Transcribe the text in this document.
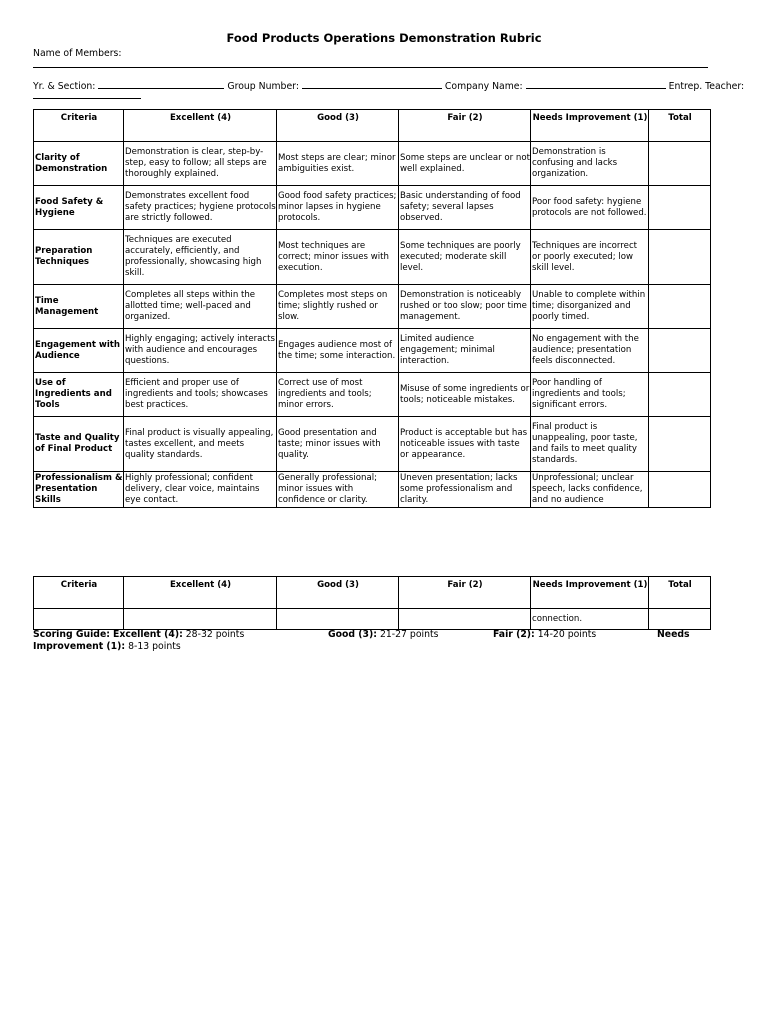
Food Products Operations Demonstration Rubric
Name of Members:
Yr. & Section:	Group Number:	Company Name:	Entrep. Teacher:
Criteria	Excellent (4)	Good (3)	Fair (2)	Needs Improvement (1)	Total
Clarity of Demonstration	Demonstration is clear, step-by-step, easy to follow; all steps are thoroughly explained.	Most steps are clear; minor ambiguities exist.	Some steps are unclear or not well explained.	Demonstration is confusing and lacks organization.	
Food Safety & Hygiene	Demonstrates excellent food safety practices; hygiene protocols are strictly followed.	Good food safety practices; minor lapses in hygiene protocols.	Basic understanding of food safety; several lapses observed.	Poor food safety: hygiene protocols are not followed.	
Preparation Techniques	Techniques are executed accurately, efficiently, and professionally, showcasing high skill.	Most techniques are correct; minor issues with execution.	Some techniques are poorly executed; moderate skill level.	Techniques are incorrect or poorly executed; low skill level.	
Time Management	Completes all steps within the allotted time; well-paced and organized.	Completes most steps on time; slightly rushed or slow.	Demonstration is noticeably rushed or too slow; poor time management.	Unable to complete within time; disorganized and poorly timed.	
Engagement with Audience	Highly engaging; actively interacts with audience and encourages questions.	Engages audience most of the time; some interaction.	Limited audience engagement; minimal interaction.	No engagement with the audience; presentation feels disconnected.	
Use of Ingredients and Tools	Efficient and proper use of ingredients and tools; showcases best practices.	Correct use of most ingredients and tools; minor errors.	Misuse of some ingredients or tools; noticeable mistakes.	Poor handling of ingredients and tools; significant errors.	
Taste and Quality of Final Product	Final product is visually appealing, tastes excellent, and meets quality standards.	Good presentation and taste; minor issues with quality.	Product is acceptable but has noticeable issues with taste or appearance.	Final product is unappealing, poor taste, and fails to meet quality standards.	
Professionalism & Presentation Skills	Highly professional; confident delivery, clear voice, maintains eye contact.	Generally professional; minor issues with confidence or clarity.	Uneven presentation; lacks some professionalism and clarity.	Unprofessional; unclear speech, lacks confidence, and no audience	
Criteria	Excellent (4)	Good (3)	Fair (2)	Needs Improvement (1)	Total
				connection.	
Scoring Guide: Excellent (4): 28-32 points	Good (3): 21-27 points	Fair (2): 14-20 points	Needs
Improvement (1): 8-13 points
